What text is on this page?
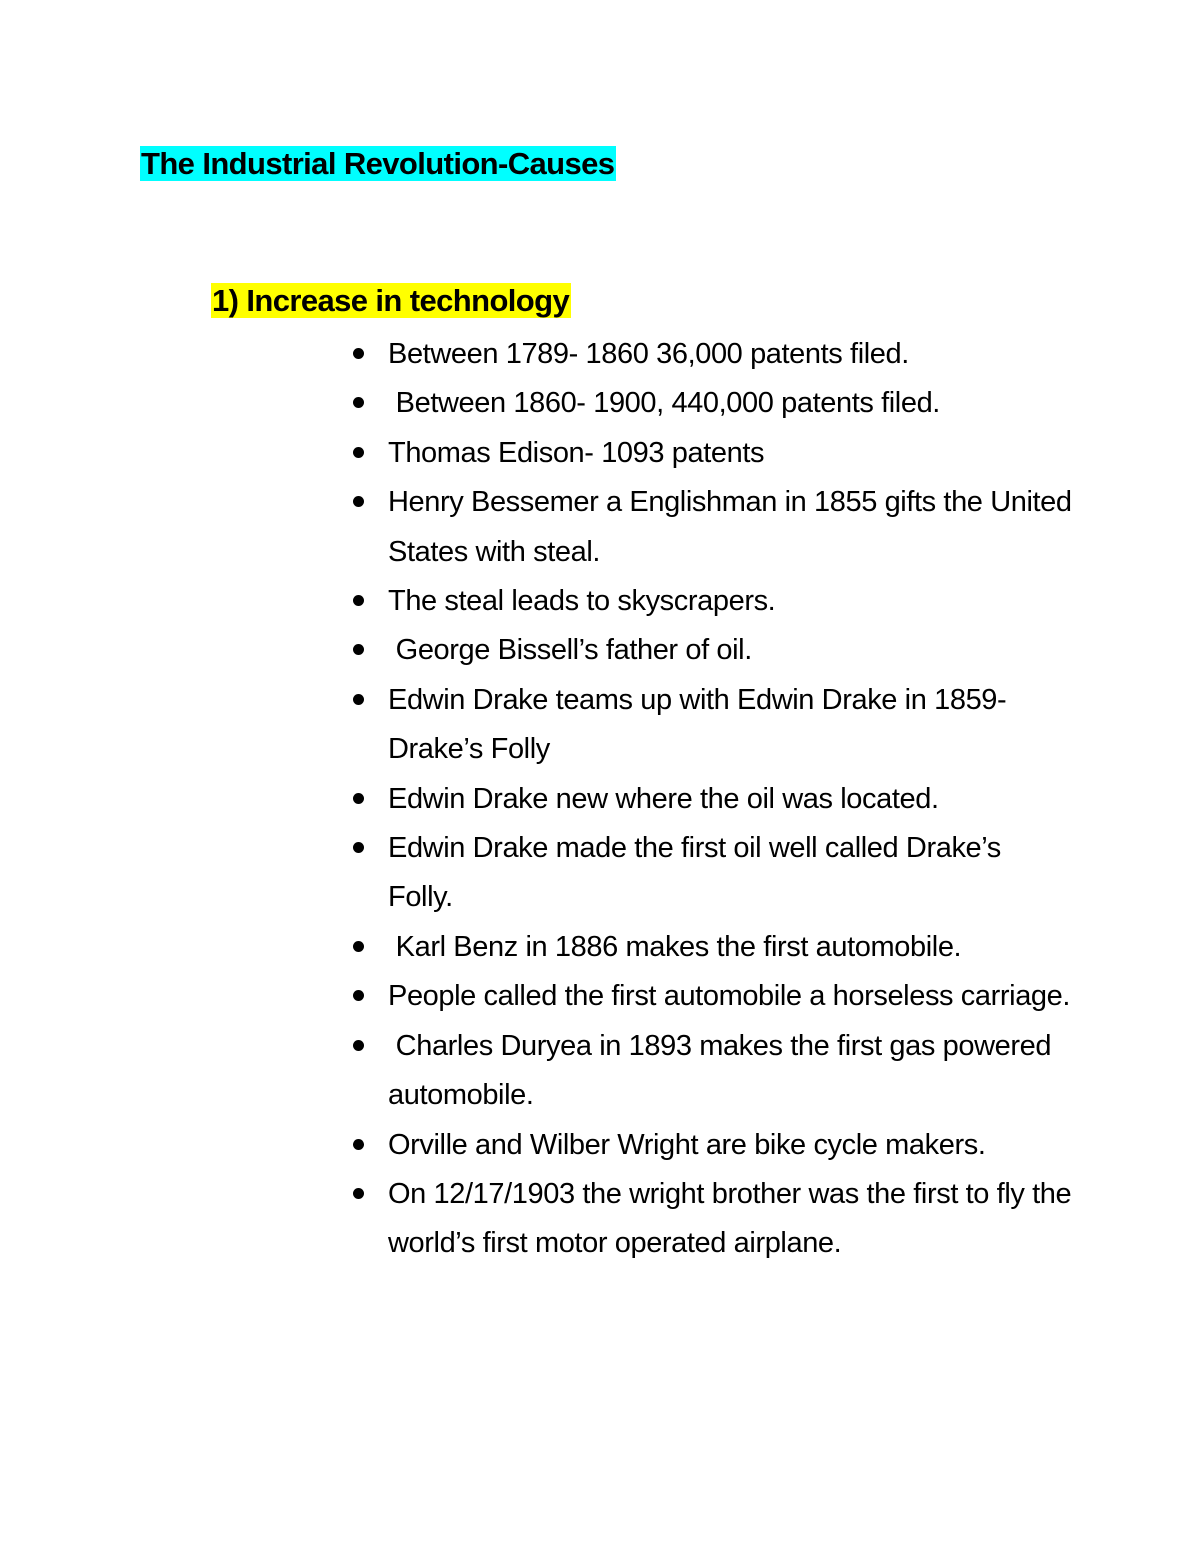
The Industrial Revolution-Causes
1) Increase in technology
Between 1789- 1860 36,000 patents filed.
Between 1860- 1900, 440,000 patents filed.
Thomas Edison- 1093 patents
Henry Bessemer a Englishman in 1855 gifts the United States with steal.
The steal leads to skyscrapers.
George Bissell’s father of oil.
Edwin Drake teams up with Edwin Drake in 1859- Drake’s Folly
Edwin Drake new where the oil was located.
Edwin Drake made the first oil well called Drake’s Folly.
Karl Benz in 1886 makes the first automobile.
People called the first automobile a horseless carriage.
Charles Duryea in 1893 makes the first gas powered automobile.
Orville and Wilber Wright are bike cycle makers.
On 12/17/1903 the wright brother was the first to fly the world’s first motor operated airplane.
